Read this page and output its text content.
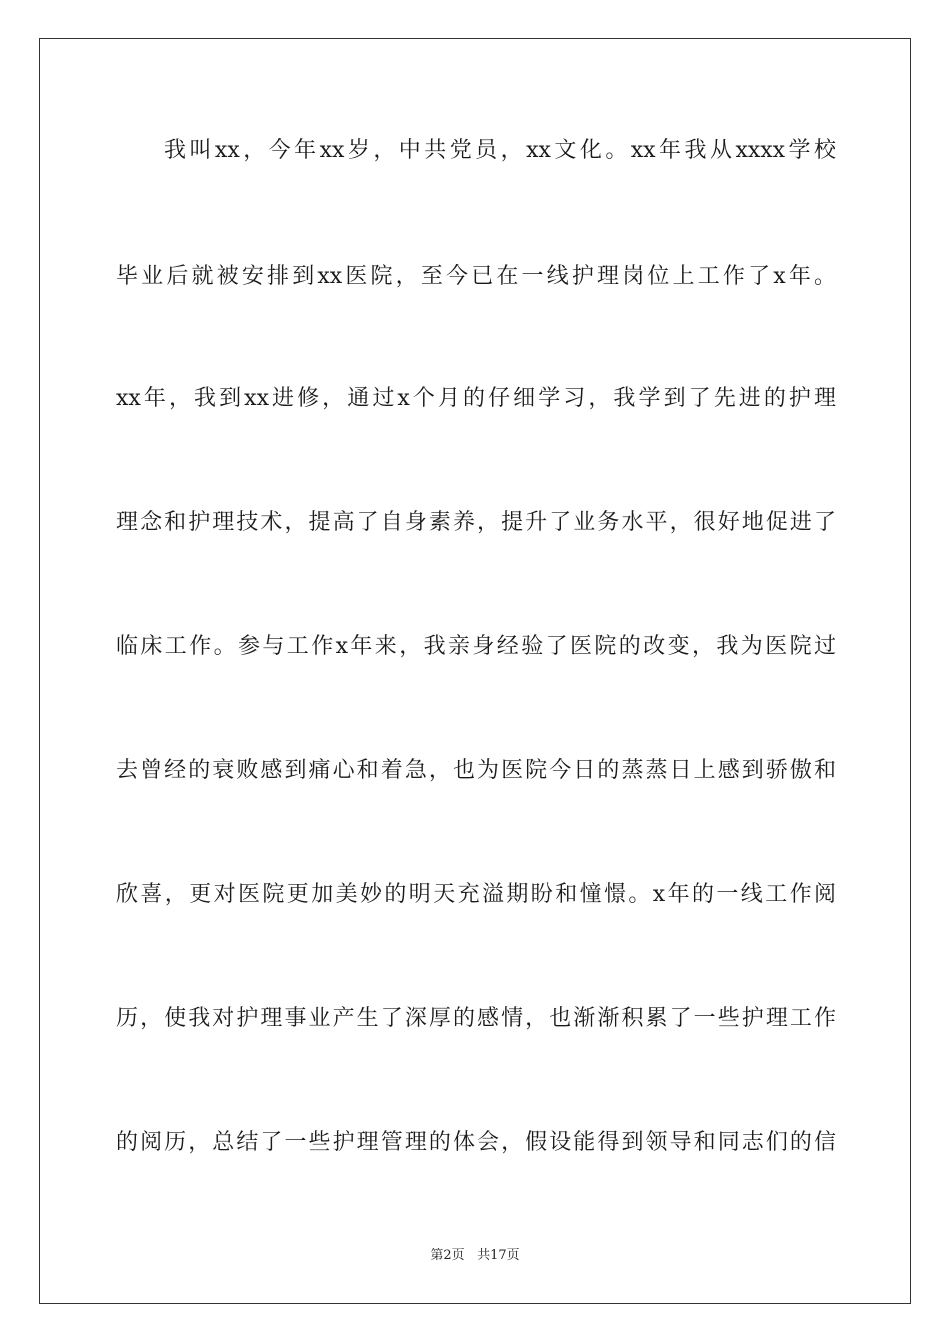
我叫xx，今年xx岁，中共党员，xx文化。xx年我从xxxx学校
毕业后就被安排到xx医院，至今已在一线护理岗位上工作了x年。
xx年，我到xx进修，通过x个月的仔细学习，我学到了先进的护理
理念和护理技术，提高了自身素养，提升了业务水平，很好地促进了
临床工作。参与工作x年来，我亲身经验了医院的改变，我为医院过
去曾经的衰败感到痛心和着急，也为医院今日的蒸蒸日上感到骄傲和
欣喜，更对医院更加美妙的明天充溢期盼和憧憬。x年的一线工作阅
历，使我对护理事业产生了深厚的感情，也渐渐积累了一些护理工作
的阅历，总结了一些护理管理的体会，假设能得到领导和同志们的信
第2页 共17页
